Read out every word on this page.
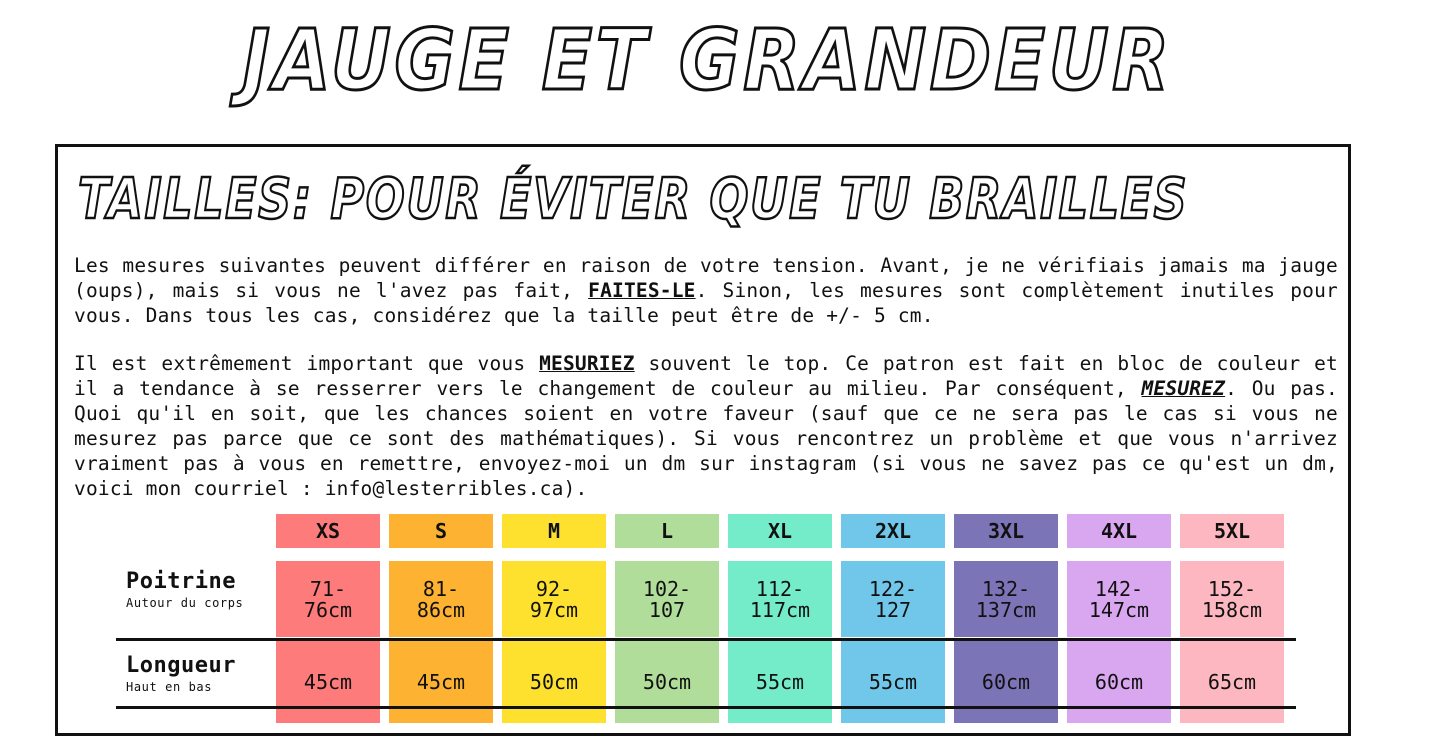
JAUGE ET GRANDEUR
TAILLES: POUR ÉVITER QUE TU BRAILLES
Les mesures suivantes peuvent différer en raison de votre tension. Avant, je ne vérifiais jamais ma jauge (oups), mais si vous ne l'avez pas fait, FAITES-LE. Sinon, les mesures sont complètement inutiles pour vous. Dans tous les cas, considérez que la taille peut être de +/- 5 cm.
Il est extrêmement important que vous MESURIEZ souvent le top. Ce patron est fait en bloc de couleur et il a tendance à se resserrer vers le changement de couleur au milieu. Par conséquent, MESUREZ. Ou pas. Quoi qu'il en soit, que les chances soient en votre faveur (sauf que ce ne sera pas le cas si vous ne mesurez pas parce que ce sont des mathématiques). Si vous rencontrez un problème et que vous n'arrivez vraiment pas à vous en remettre, envoyez-moi un dm sur instagram (si vous ne savez pas ce qu'est un dm, voici mon courriel : info@lesterribles.ca).
Poitrine
Autour du corps
Longueur
Haut en bas
XS
71-
76cm
45cm
S
81-
86cm
45cm
M
92-
97cm
50cm
L
102-
107
50cm
XL
112-
117cm
55cm
2XL
122-
127
55cm
3XL
132-
137cm
60cm
4XL
142-
147cm
60cm
5XL
152-
158cm
65cm
